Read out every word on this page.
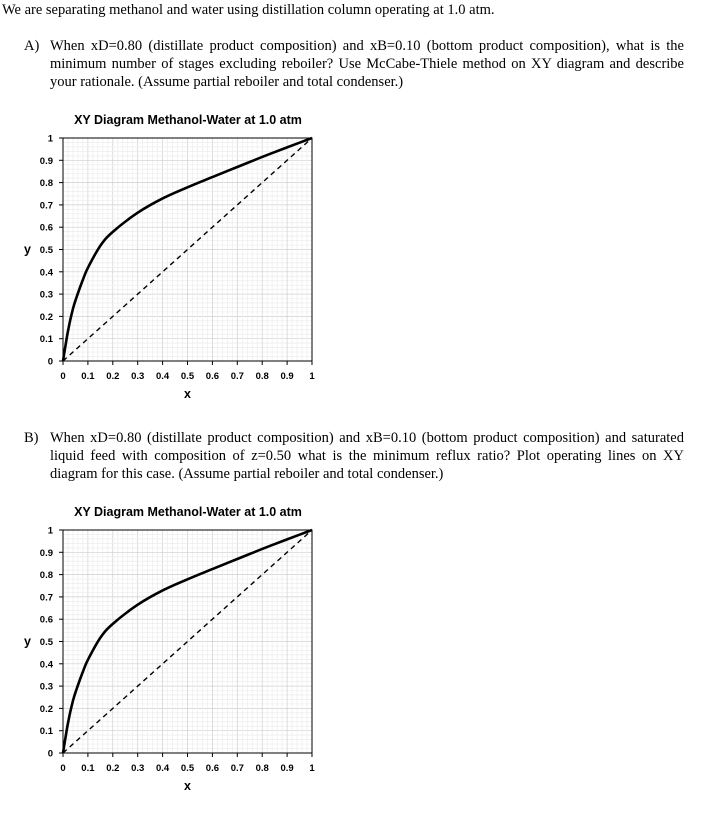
We are separating methanol and water using distillation column operating at 1.0 atm.
A) When xD=0.80 (distillate product composition) and xB=0.10 (bottom product composition), what is the minimum number of stages excluding reboiler? Use McCabe-Thiele method on XY diagram and describe your rationale. (Assume partial reboiler and total condenser.)
XY Diagram Methanol-Water at 1.0 atm
0
0.1
0.2
0.3
0.4
0.5
0.6
0.7
0.8
0.9
1
0 0.1 0.2 0.3 0.4 0.5 0.6 0.7 0.8 0.9 1
x
y
B) When xD=0.80 (distillate product composition) and xB=0.10 (bottom product composition) and saturated liquid feed with composition of z=0.50 what is the minimum reflux ratio? Plot operating lines on XY diagram for this case. (Assume partial reboiler and total condenser.)
XY Diagram Methanol-Water at 1.0 atm
0
0.1
0.2
0.3
0.4
0.5
0.6
0.7
0.8
0.9
1
0 0.1 0.2 0.3 0.4 0.5 0.6 0.7 0.8 0.9 1
x
y
